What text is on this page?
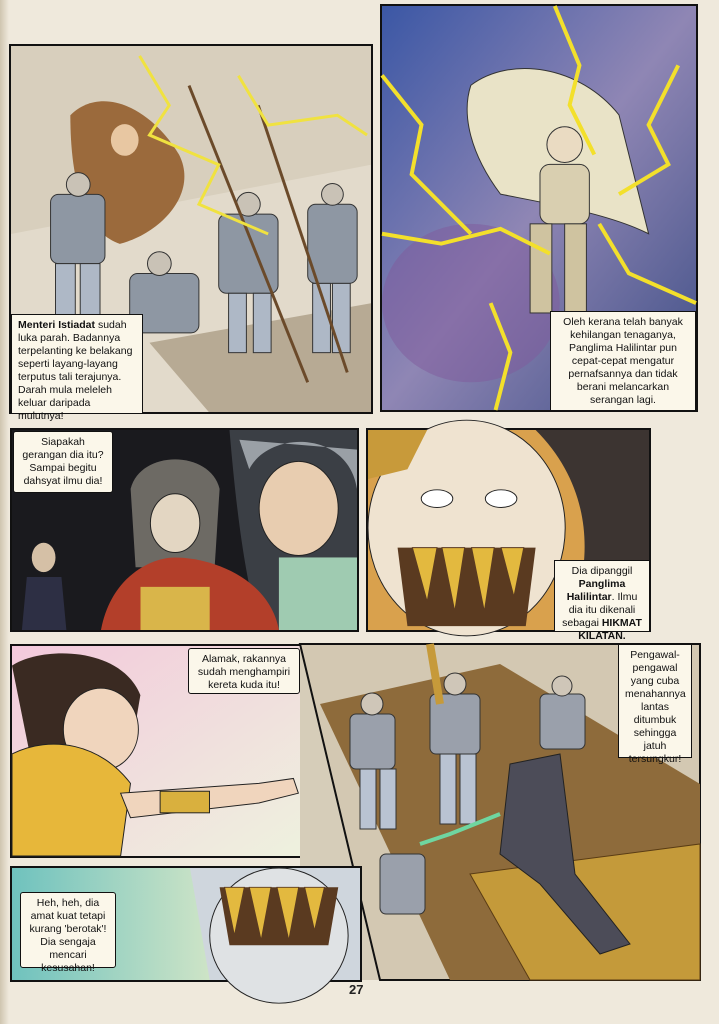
Menteri Istiadat sudah luka parah. Badannya terpelanting ke belakang seperti layang-layang terputus tali terajunya. Darah mula meleleh keluar daripada mulutnya!
Oleh kerana telah banyak kehilangan tenaganya, Panglima Halilintar pun cepat-cepat mengatur pernafsannya dan tidak berani melancarkan serangan lagi.
Siapakah gerangan dia itu? Sampai begitu dahsyat ilmu dia!
Dia dipanggil Panglima Halilintar. Ilmu dia itu dikenali sebagai HIKMAT KILATAN.
Alamak, rakannya sudah menghampiri kereta kuda itu!
Pengawal-pengawal yang cuba menahannya lantas ditumbuk sehingga jatuh tersungkur!
Heh, heh, dia amat kuat tetapi kurang 'berotak'! Dia sengaja mencari kesusahan!
27
